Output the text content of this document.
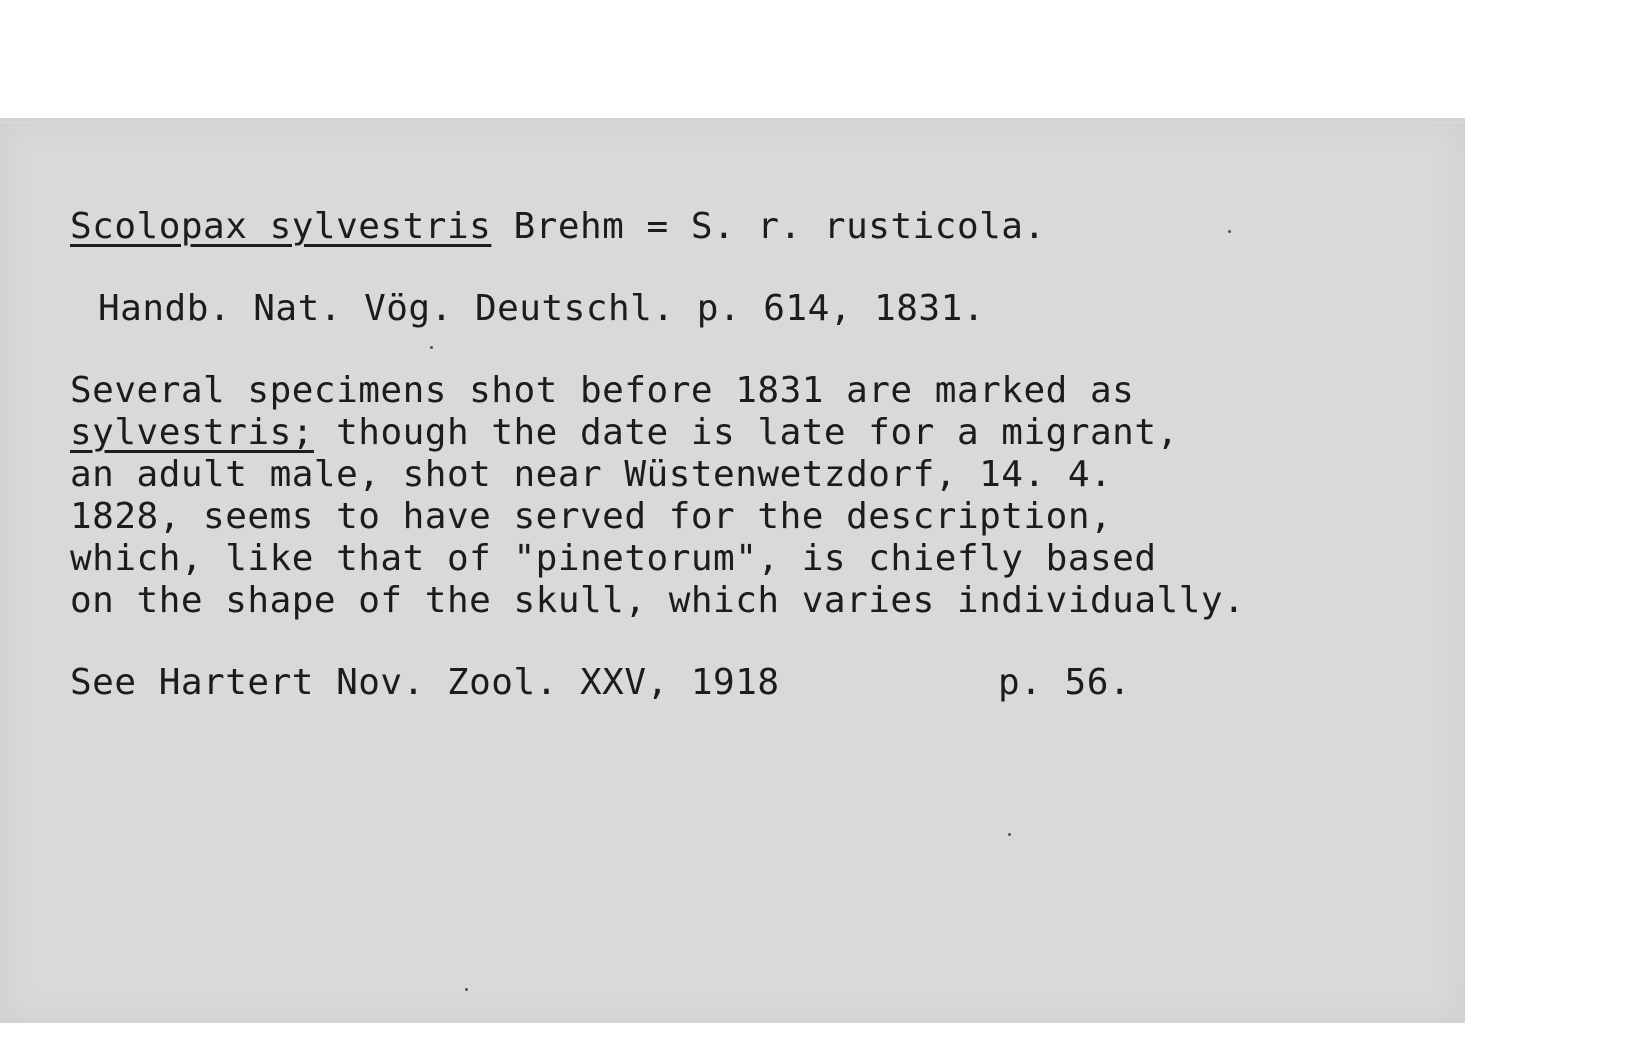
Scolopax sylvestris Brehm = S. r. rusticola.
Handb. Nat. Vög. Deutschl. p. 614, 1831.
Several specimens shot before 1831 are marked as
sylvestris; though the date is late for a migrant,
an adult male, shot near Wüstenwetzdorf, 14. 4.
1828, seems to have served for the description,
which, like that of "pinetorum", is chiefly based
on the shape of the skull, which varies individually.
See Hartert Nov. Zool. XXV, 1918	p. 56.
